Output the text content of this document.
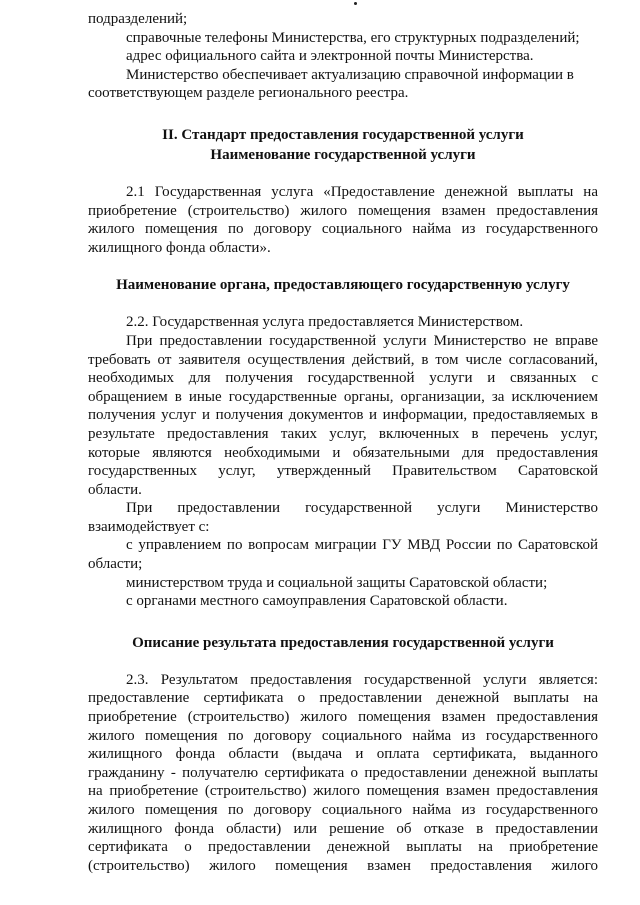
подразделений;
справочные телефоны Министерства, его структурных подразделений;
адрес официального сайта и электронной почты Министерства.
Министерство обеспечивает актуализацию справочной информации в
соответствующем разделе регионального реестра.
II. Стандарт предоставления государственной услуги
Наименование государственной услуги
2.1 Государственная услуга «Предоставление денежной выплаты на
приобретение (строительство) жилого помещения взамен предоставления
жилого помещения по договору социального найма из государственного
жилищного фонда области».
Наименование органа, предоставляющего государственную услугу
2.2. Государственная услуга предоставляется Министерством.
При предоставлении государственной услуги Министерство не вправе
требовать от заявителя осуществления действий, в том числе согласований,
необходимых для получения государственной услуги и связанных с
обращением в иные государственные органы, организации, за исключением
получения услуг и получения документов и информации, предоставляемых в
результате предоставления таких услуг, включенных в перечень услуг,
которые являются необходимыми и обязательными для предоставления
государственных услуг, утвержденный Правительством Саратовской
области.
При предоставлении государственной услуги Министерство
взаимодействует с:
с управлением по вопросам миграции ГУ МВД России по Саратовской
области;
министерством труда и социальной защиты Саратовской области;
с органами местного самоуправления Саратовской области.
Описание результата предоставления государственной услуги
2.3. Результатом предоставления государственной услуги является:
предоставление сертификата о предоставлении денежной выплаты на
приобретение (строительство) жилого помещения взамен предоставления
жилого помещения по договору социального найма из государственного
жилищного фонда области (выдача и оплата сертификата, выданного
гражданину - получателю сертификата о предоставлении денежной выплаты
на приобретение (строительство) жилого помещения взамен предоставления
жилого помещения по договору социального найма из государственного
жилищного фонда области) или решение об отказе в предоставлении
сертификата о предоставлении денежной выплаты на приобретение
(строительство) жилого помещения взамен предоставления жилого
